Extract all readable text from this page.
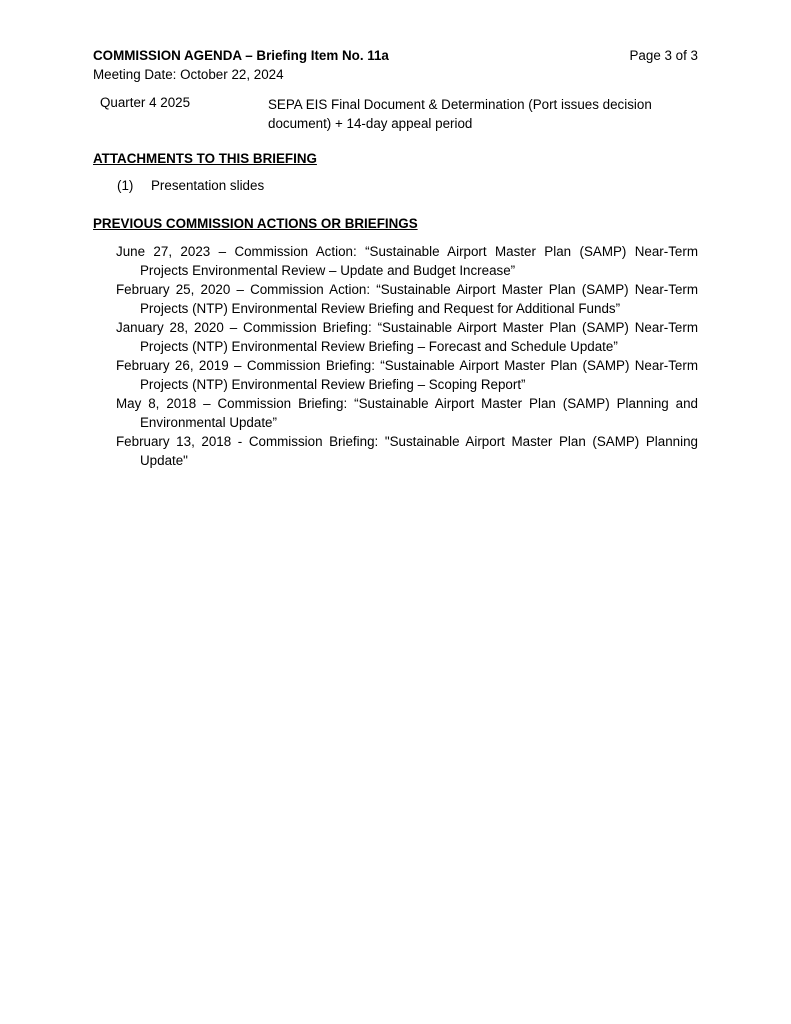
COMMISSION AGENDA – Briefing Item No. 11a	Page 3 of 3
Meeting Date: October 22, 2024
Quarter 4 2025	SEPA EIS Final Document & Determination (Port issues decision document) + 14-day appeal period
ATTACHMENTS TO THIS BRIEFING
(1) Presentation slides
PREVIOUS COMMISSION ACTIONS OR BRIEFINGS
June 27, 2023 – Commission Action: “Sustainable Airport Master Plan (SAMP) Near-Term Projects Environmental Review – Update and Budget Increase”
February 25, 2020 – Commission Action: “Sustainable Airport Master Plan (SAMP) Near-Term Projects (NTP) Environmental Review Briefing and Request for Additional Funds”
January 28, 2020 – Commission Briefing: “Sustainable Airport Master Plan (SAMP) Near-Term Projects (NTP) Environmental Review Briefing – Forecast and Schedule Update”
February 26, 2019 – Commission Briefing: “Sustainable Airport Master Plan (SAMP) Near-Term Projects (NTP) Environmental Review Briefing – Scoping Report”
May 8, 2018 – Commission Briefing: “Sustainable Airport Master Plan (SAMP) Planning and Environmental Update”
February 13, 2018 - Commission Briefing: "Sustainable Airport Master Plan (SAMP) Planning Update"
